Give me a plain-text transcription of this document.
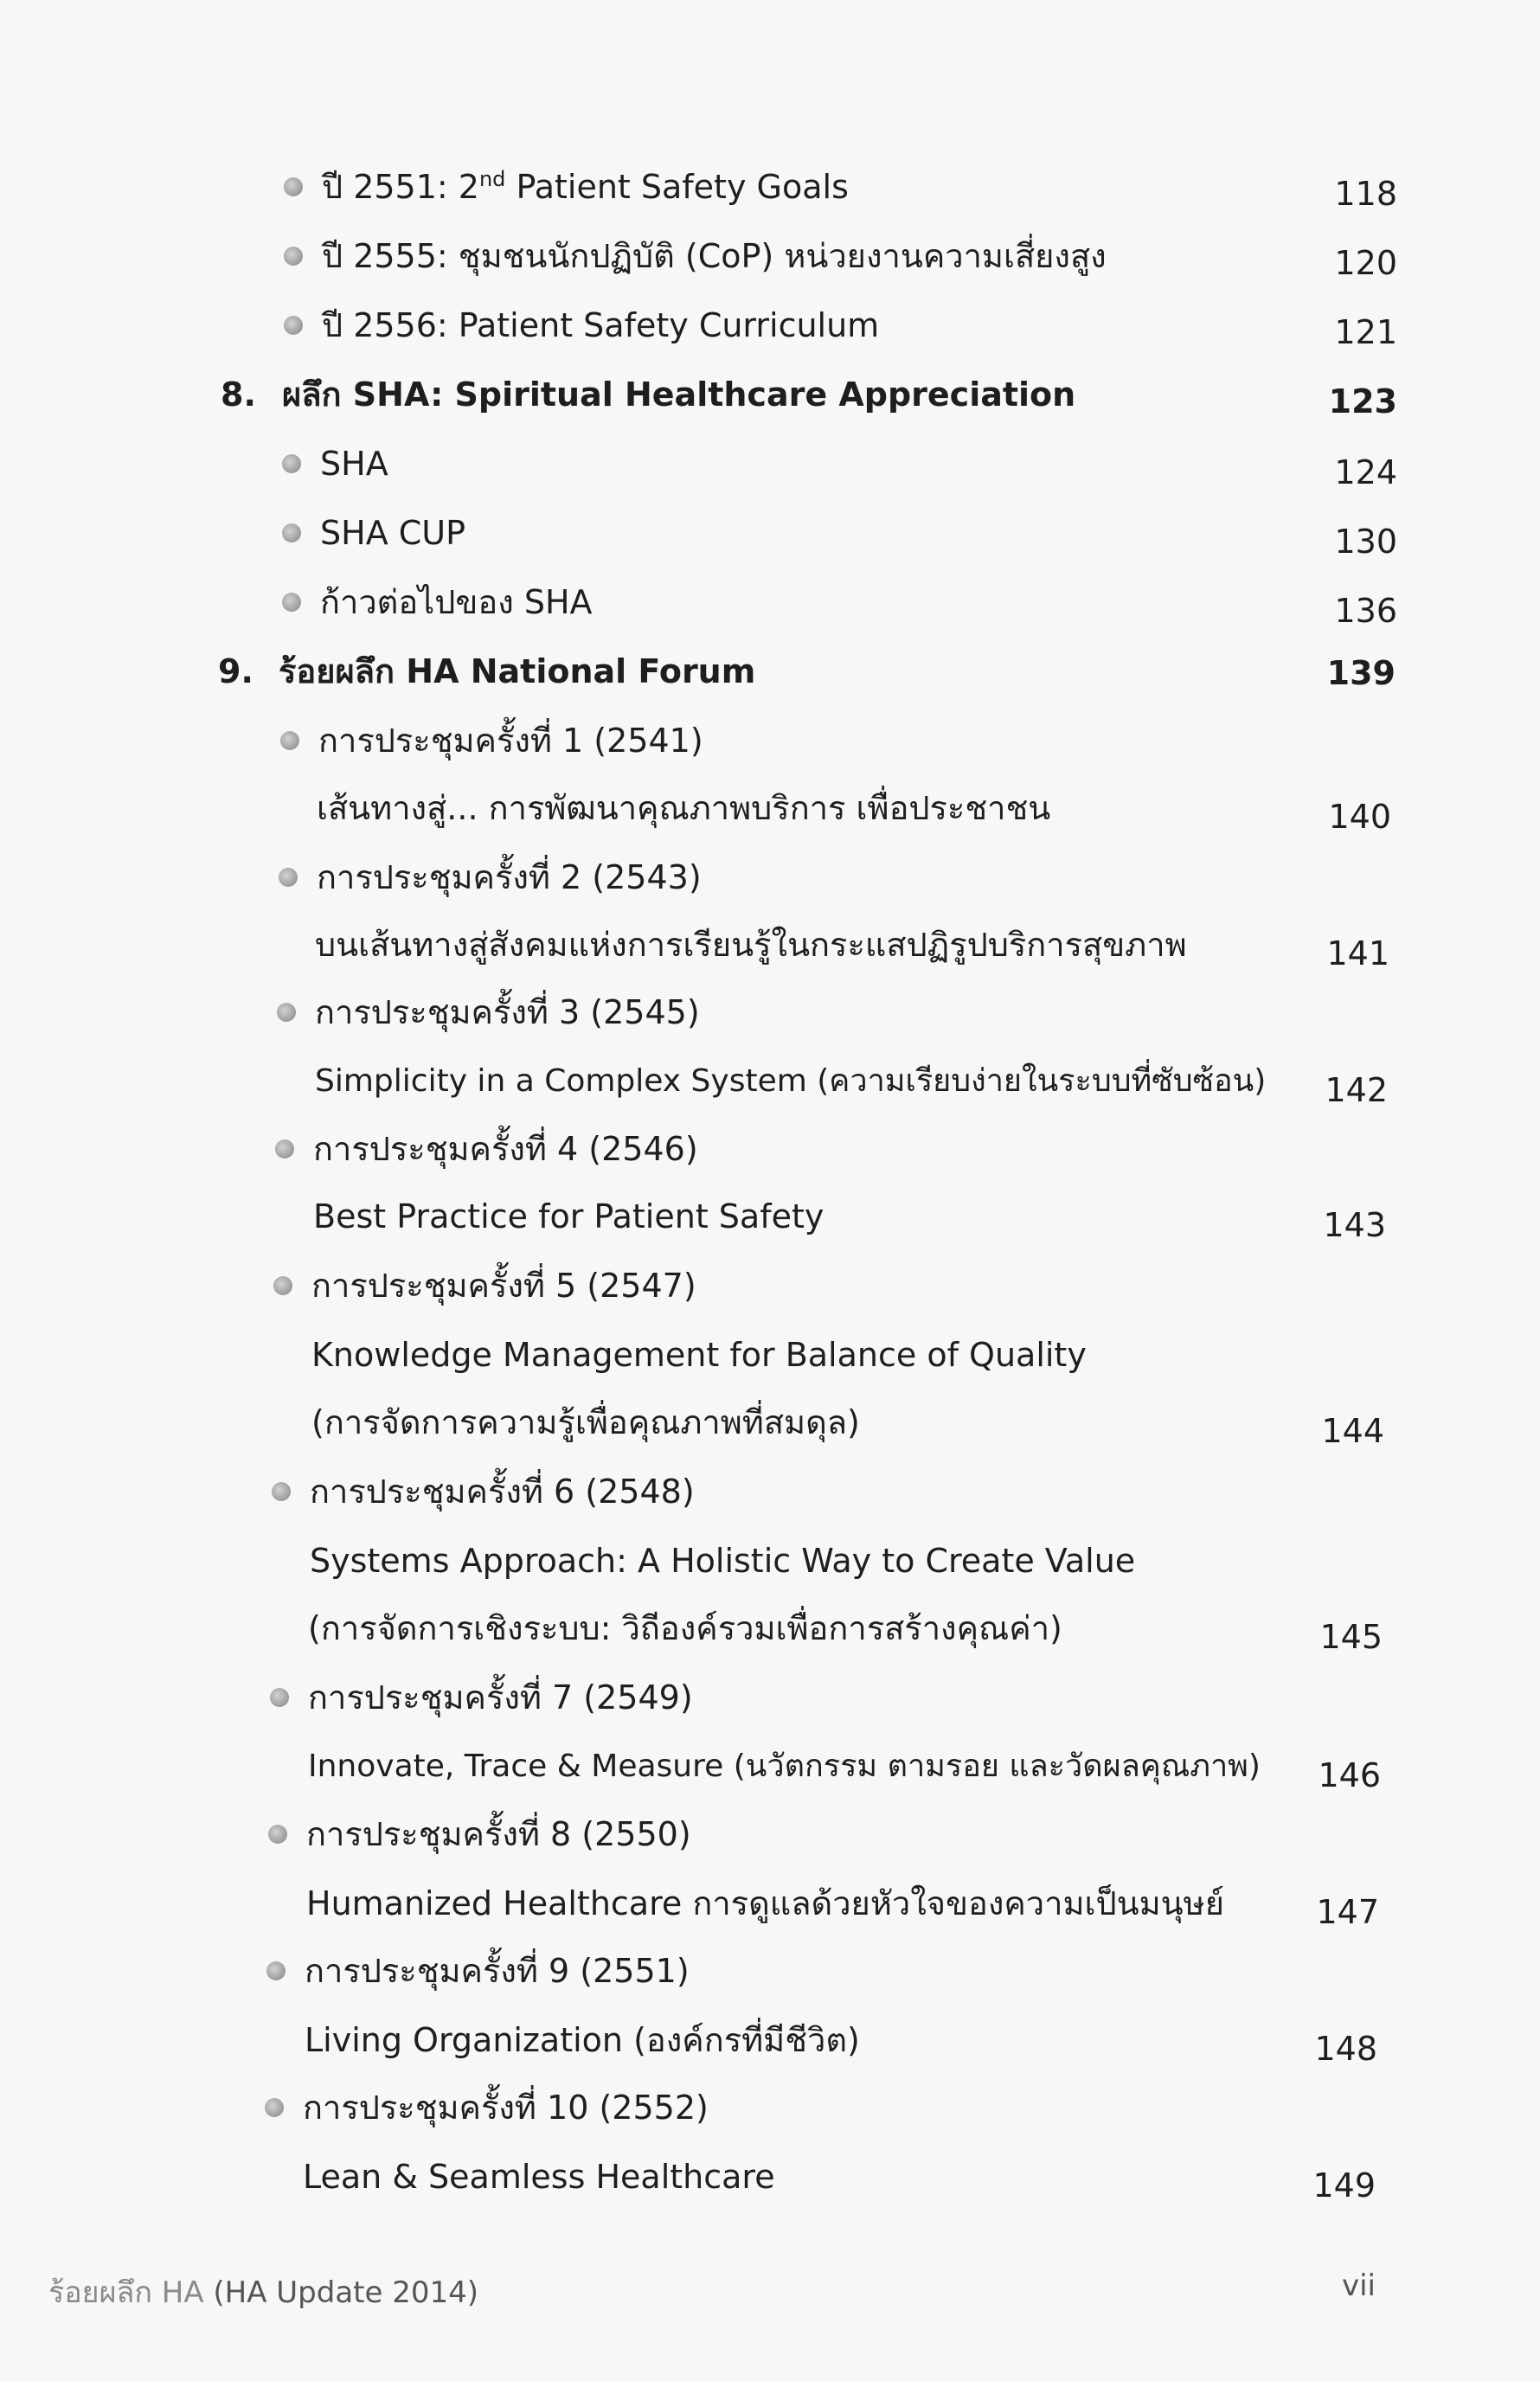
ปี 2551: 2nd Patient Safety Goals	118
ปี 2555: ชุมชนนักปฏิบัติ (CoP) หน่วยงานความเสี่ยงสูง	120
ปี 2556: Patient Safety Curriculum	121
8. ผลึก SHA: Spiritual Healthcare Appreciation	123
SHA	124
SHA CUP	130
ก้าวต่อไปของ SHA	136
9. ร้อยผลึก HA National Forum	139
การประชุมครั้งที่ 1 (2541)
เส้นทางสู่... การพัฒนาคุณภาพบริการ เพื่อประชาชน	140
การประชุมครั้งที่ 2 (2543)
บนเส้นทางสู่สังคมแห่งการเรียนรู้ในกระแสปฏิรูปบริการสุขภาพ	141
การประชุมครั้งที่ 3 (2545)
Simplicity in a Complex System (ความเรียบง่ายในระบบที่ซับซ้อน)	142
การประชุมครั้งที่ 4 (2546)
Best Practice for Patient Safety	143
การประชุมครั้งที่ 5 (2547)
Knowledge Management for Balance of Quality
(การจัดการความรู้เพื่อคุณภาพที่สมดุล)	144
การประชุมครั้งที่ 6 (2548)
Systems Approach: A Holistic Way to Create Value
(การจัดการเชิงระบบ: วิถีองค์รวมเพื่อการสร้างคุณค่า)	145
การประชุมครั้งที่ 7 (2549)
Innovate, Trace & Measure (นวัตกรรม ตามรอย และวัดผลคุณภาพ)	146
การประชุมครั้งที่ 8 (2550)
Humanized Healthcare การดูแลด้วยหัวใจของความเป็นมนุษย์	147
การประชุมครั้งที่ 9 (2551)
Living Organization (องค์กรที่มีชีวิต)	148
การประชุมครั้งที่ 10 (2552)
Lean & Seamless Healthcare	149
ร้อยผลึก HA (HA Update 2014)	vii
